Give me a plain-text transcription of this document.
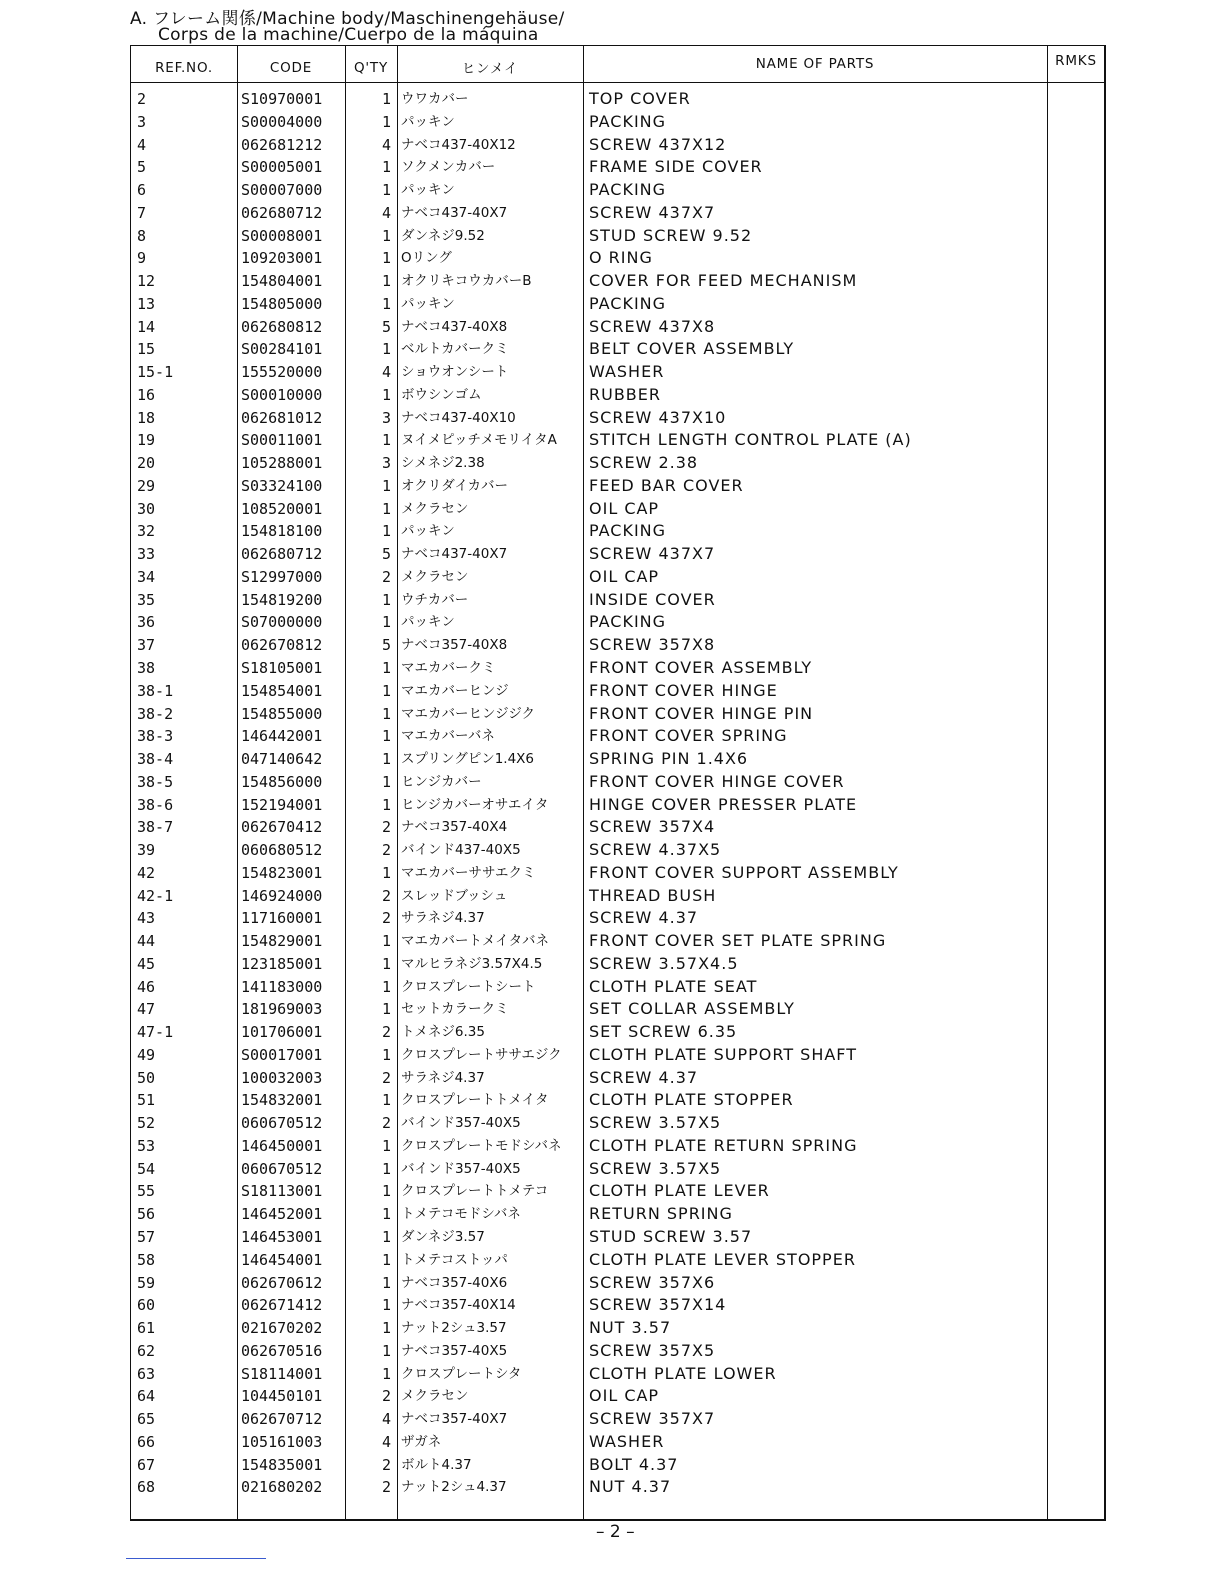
A. フレーム関係/Machine body/Maschinengehäuse/
Corps de la machine/Cuerpo de la máquina
REF.NO.	CODE	Q'TY	ヒンメイ	NAME OF PARTS	RMKS
2	S10970001	1 ウワカバー	TOP COVER
3	S00004000	1 パッキン	PACKING
4	062681212	4 ナベコ437-40X12	SCREW 437X12
5	S00005001	1 ソクメンカバー	FRAME SIDE COVER
6	S00007000	1 パッキン	PACKING
7	062680712	4 ナベコ437-40X7	SCREW 437X7
8	S00008001	1 ダンネジ9.52	STUD SCREW 9.52
9	109203001	1 Oリング	O RING
12	154804001	1 オクリキコウカバーB	COVER FOR FEED MECHANISM
13	154805000	1 パッキン	PACKING
14	062680812	5 ナベコ437-40X8	SCREW 437X8
15	S00284101	1 ベルトカバークミ	BELT COVER ASSEMBLY
15-1	155520000	4 ショウオンシート	WASHER
16	S00010000	1 ボウシンゴム	RUBBER
18	062681012	3 ナベコ437-40X10	SCREW 437X10
19	S00011001	1 ヌイメピッチメモリイタA STITCH LENGTH CONTROL PLATE (A)
20	105288001	3 シメネジ2.38	SCREW 2.38
29	S03324100	1 オクリダイカバー	FEED BAR COVER
30	108520001	1 メクラセン	OIL CAP
32	154818100	1 パッキン	PACKING
33	062680712	5 ナベコ437-40X7	SCREW 437X7
34	S12997000	2 メクラセン	OIL CAP
35	154819200	1 ウチカバー	INSIDE COVER
36	S07000000	1 パッキン	PACKING
37	062670812	5 ナベコ357-40X8	SCREW 357X8
38	S18105001	1 マエカバークミ	FRONT COVER ASSEMBLY
38-1	154854001	1 マエカバーヒンジ	FRONT COVER HINGE
38-2	154855000	1 マエカバーヒンジジク	FRONT COVER HINGE PIN
38-3	146442001	1 マエカバーバネ	FRONT COVER SPRING
38-4	047140642	1 スプリングピン1.4X6	SPRING PIN 1.4X6
38-5	154856000	1 ヒンジカバー	FRONT COVER HINGE COVER
38-6	152194001	1 ヒンジカバーオサエイタ	HINGE COVER PRESSER PLATE
38-7	062670412	2 ナベコ357-40X4	SCREW 357X4
39	060680512	2 バインド437-40X5	SCREW 4.37X5
42	154823001	1 マエカバーササエクミ	FRONT COVER SUPPORT ASSEMBLY
42-1	146924000	2 スレッドブッシュ	THREAD BUSH
43	117160001	2 サラネジ4.37	SCREW 4.37
44	154829001	1 マエカバートメイタバネ	FRONT COVER SET PLATE SPRING
45	123185001	1 マルヒラネジ3.57X4.5	SCREW 3.57X4.5
46	141183000	1 クロスプレートシート	CLOTH PLATE SEAT
47	181969003	1 セットカラークミ	SET COLLAR ASSEMBLY
47-1	101706001	2 トメネジ6.35	SET SCREW 6.35
49	S00017001	1 クロスプレートササエジク CLOTH PLATE SUPPORT SHAFT
50	100032003	2 サラネジ4.37	SCREW 4.37
51	154832001	1 クロスプレートトメイタ	CLOTH PLATE STOPPER
52	060670512	2 バインド357-40X5	SCREW 3.57X5
53	146450001	1 クロスプレートモドシバネ CLOTH PLATE RETURN SPRING
54	060670512	1 バインド357-40X5	SCREW 3.57X5
55	S18113001	1 クロスプレートトメテコ	CLOTH PLATE LEVER
56	146452001	1 トメテコモドシバネ	RETURN SPRING
57	146453001	1 ダンネジ3.57	STUD SCREW 3.57
58	146454001	1 トメテコストッパ	CLOTH PLATE LEVER STOPPER
59	062670612	1 ナベコ357-40X6	SCREW 357X6
60	062671412	1 ナベコ357-40X14	SCREW 357X14
61	021670202	1 ナット2シュ3.57	NUT 3.57
62	062670516	1 ナベコ357-40X5	SCREW 357X5
63	S18114001	1 クロスプレートシタ	CLOTH PLATE LOWER
64	104450101	2 メクラセン	OIL CAP
65	062670712	4 ナベコ357-40X7	SCREW 357X7
66	105161003	4 ザガネ	WASHER
67	154835001	2 ボルト4.37	BOLT 4.37
68	021680202	2 ナット2シュ4.37	NUT 4.37
– 2 –
